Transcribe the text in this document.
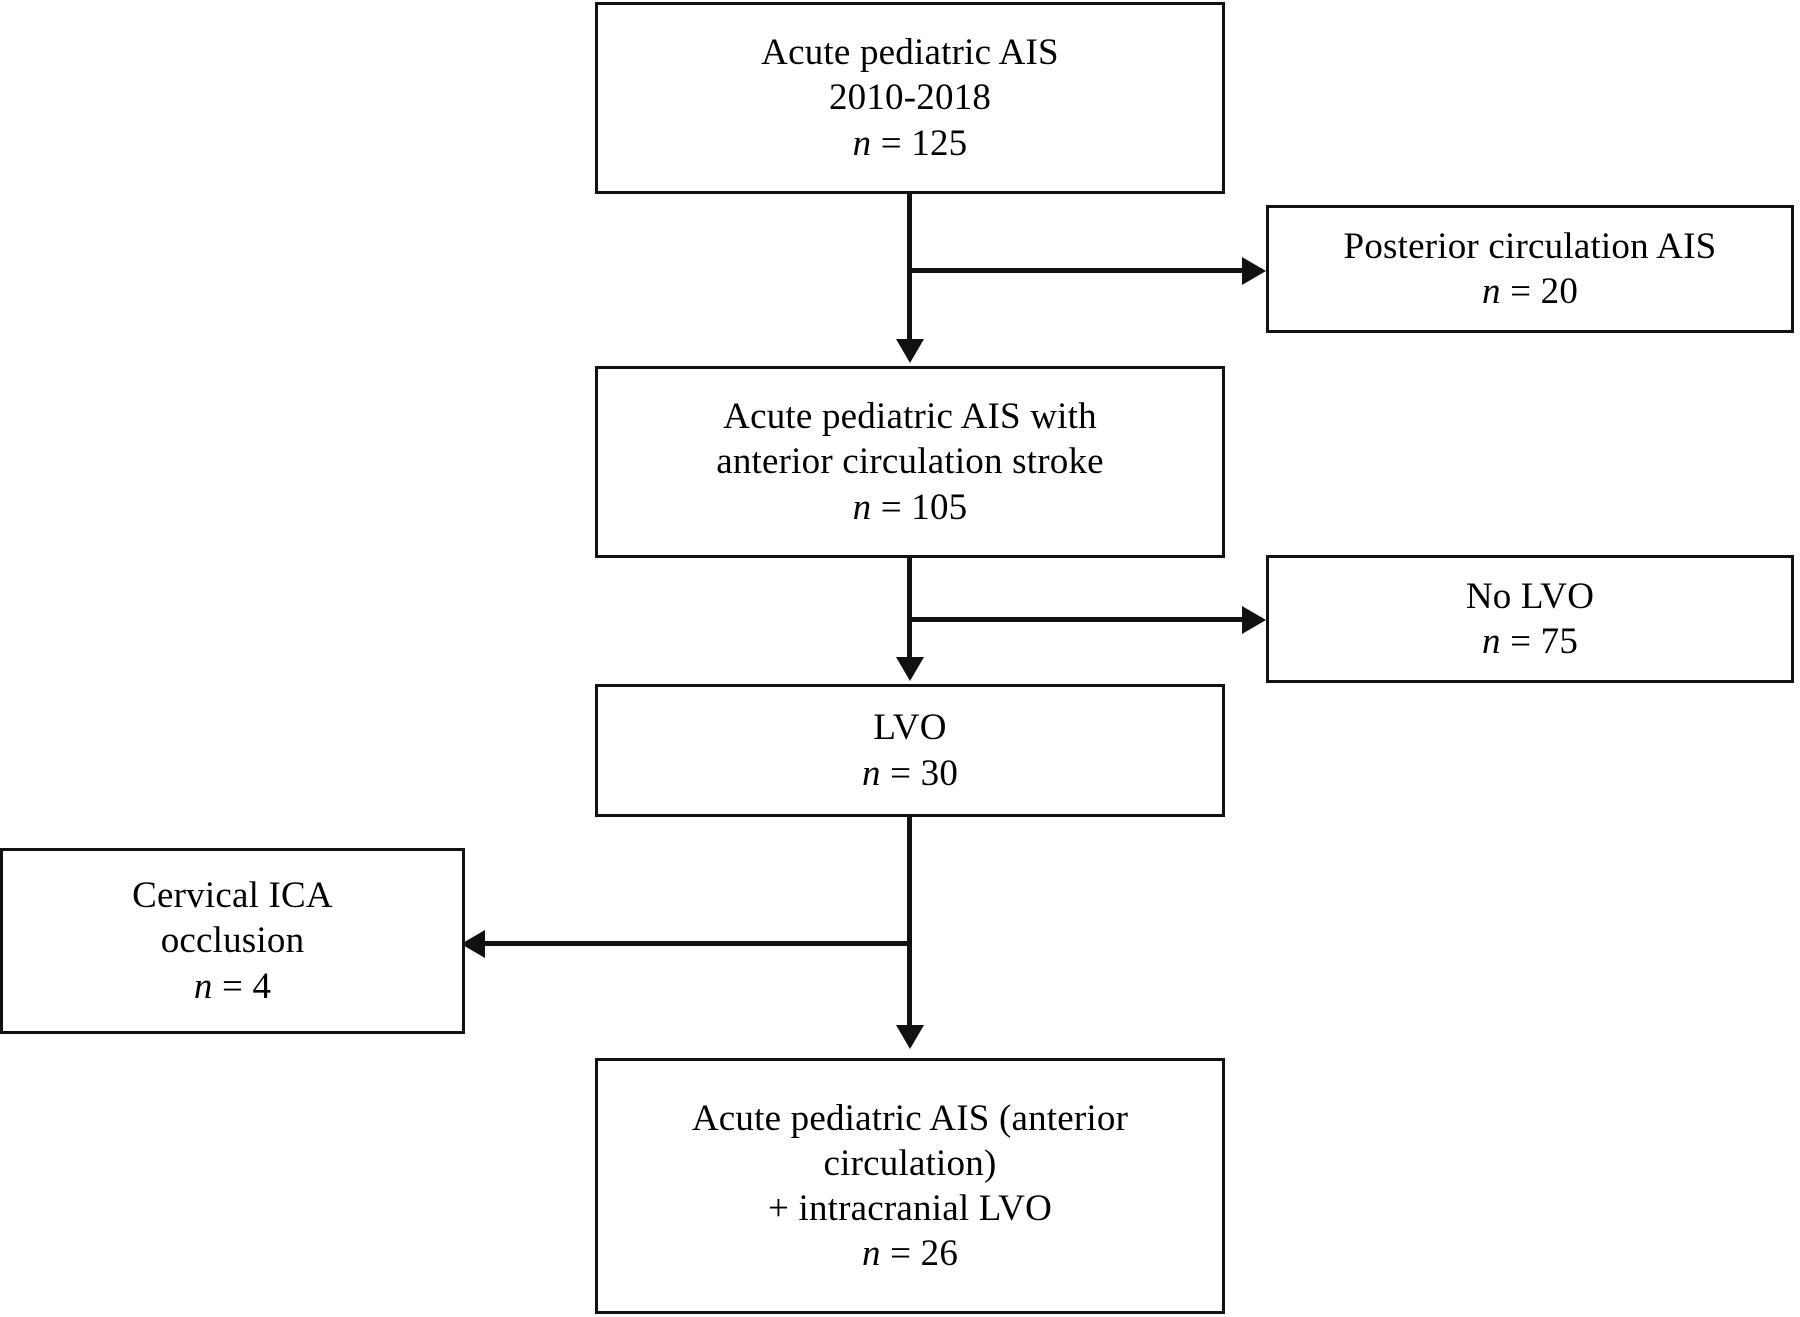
Acute pediatric AIS
2010-2018
n = 125
Posterior circulation AIS
n = 20
Acute pediatric AIS with
anterior circulation stroke
n = 105
No LVO
n = 75
LVO
n = 30
Cervical ICA
occlusion
n = 4
Acute pediatric AIS (anterior
circulation)
+ intracranial LVO
n = 26
